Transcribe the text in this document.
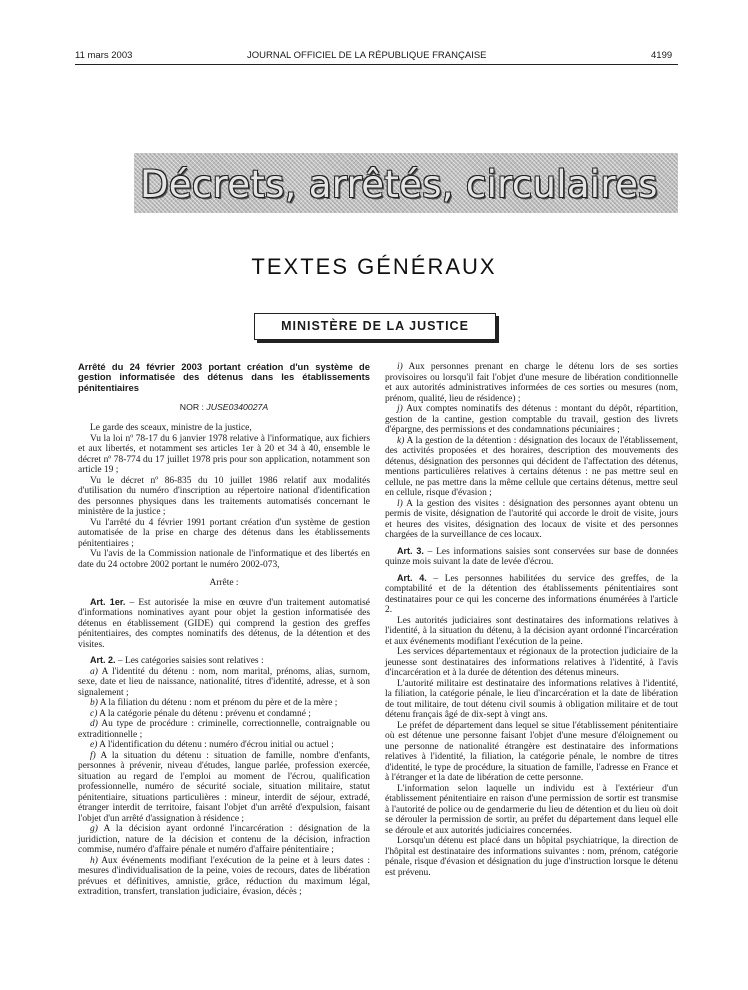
11 mars 2003	JOURNAL OFFICIEL DE LA RÉPUBLIQUE FRANÇAISE	4199
Décrets, arrêtés, circulaires
TEXTES GÉNÉRAUX
MINISTÈRE DE LA JUSTICE

Arrêté du 24 février 2003 portant création d'un système de gestion informatisée des détenus dans les établissements pénitentiaires

NOR : JUSE0340027A

Le garde des sceaux, ministre de la justice,

Vu la loi nº 78-17 du 6 janvier 1978 relative à l'informatique, aux fichiers et aux libertés, et notamment ses articles 1er à 20 et 34 à 40, ensemble le décret nº 78-774 du 17 juillet 1978 pris pour son application, notamment son article 19 ;

Vu le décret nº 86-835 du 10 juillet 1986 relatif aux modalités d'utilisation du numéro d'inscription au répertoire national d'identification des personnes physiques dans les traitements automatisés concernant le ministère de la justice ;

Vu l'arrêté du 4 février 1991 portant création d'un système de gestion automatisée de la prise en charge des détenus dans les établissements pénitentiaires ;

Vu l'avis de la Commission nationale de l'informatique et des libertés en date du 24 octobre 2002 portant le numéro 2002-073,

Arrête :

Art. 1er. – Est autorisée la mise en œuvre d'un traitement automatisé d'informations nominatives ayant pour objet la gestion informatisée des détenus en établissement (GIDE) qui comprend la gestion des greffes pénitentiaires, des comptes nominatifs des détenus, de la détention et des visites.

Art. 2. – Les catégories saisies sont relatives :

a) A l'identité du détenu : nom, nom marital, prénoms, alias, surnom, sexe, date et lieu de naissance, nationalité, titres d'identité, adresse, et à son signalement ;

b) A la filiation du détenu : nom et prénom du père et de la mère ;

c) A la catégorie pénale du détenu : prévenu et condamné ;

d) Au type de procédure : criminelle, correctionnelle, contraignable ou extraditionnelle ;

e) A l'identification du détenu : numéro d'écrou initial ou actuel ;

f) A la situation du détenu : situation de famille, nombre d'enfants, personnes à prévenir, niveau d'études, langue parlée, profession exercée, situation au regard de l'emploi au moment de l'écrou, qualification professionnelle, numéro de sécurité sociale, situation militaire, statut pénitentiaire, situations particulières : mineur, interdit de séjour, extradé, étranger interdit de territoire, faisant l'objet d'un arrêté d'expulsion, faisant l'objet d'un arrêté d'assignation à résidence ;

g) A la décision ayant ordonné l'incarcération : désignation de la juridiction, nature de la décision et contenu de la décision, infraction commise, numéro d'affaire pénale et numéro d'affaire pénitentiaire ;

h) Aux événements modifiant l'exécution de la peine et à leurs dates : mesures d'individualisation de la peine, voies de recours, dates de libération prévues et définitives, amnistie, grâce, réduction du maximum légal, extradition, transfert, translation judiciaire, évasion, décès ;

i) Aux personnes prenant en charge le détenu lors de ses sorties provisoires ou lorsqu'il fait l'objet d'une mesure de libération conditionnelle et aux autorités administratives informées de ces sorties ou mesures (nom, prénom, qualité, lieu de résidence) ;

j) Aux comptes nominatifs des détenus : montant du dépôt, répartition, gestion de la cantine, gestion comptable du travail, gestion des livrets d'épargne, des permissions et des condamnations pécuniaires ;

k) A la gestion de la détention : désignation des locaux de l'établissement, des activités proposées et des horaires, description des mouvements des détenus, désignation des personnes qui décident de l'affectation des détenus, mentions particulières relatives à certains détenus : ne pas mettre seul en cellule, ne pas mettre dans la même cellule que certains détenus, mettre seul en cellule, risque d'évasion ;

l) A la gestion des visites : désignation des personnes ayant obtenu un permis de visite, désignation de l'autorité qui accorde le droit de visite, jours et heures des visites, désignation des locaux de visite et des personnes chargées de la surveillance de ces locaux.

Art. 3. – Les informations saisies sont conservées sur base de données quinze mois suivant la date de levée d'écrou.

Art. 4. – Les personnes habilitées du service des greffes, de la comptabilité et de la détention des établissements pénitentiaires sont destinataires pour ce qui les concerne des informations énumérées à l'article 2.

Les autorités judiciaires sont destinataires des informations relatives à l'identité, à la situation du détenu, à la décision ayant ordonné l'incarcération et aux événements modifiant l'exécution de la peine.

Les services départementaux et régionaux de la protection judiciaire de la jeunesse sont destinataires des informations relatives à l'identité, à l'avis d'incarcération et à la durée de détention des détenus mineurs.

L'autorité militaire est destinataire des informations relatives à l'identité, la filiation, la catégorie pénale, le lieu d'incarcération et la date de libération de tout militaire, de tout détenu civil soumis à obligation militaire et de tout détenu français âgé de dix-sept à vingt ans.

Le préfet de département dans lequel se situe l'établissement pénitentiaire où est détenue une personne faisant l'objet d'une mesure d'éloignement ou une personne de nationalité étrangère est destinataire des informations relatives à l'identité, la filiation, la catégorie pénale, le nombre de titres d'identité, le type de procédure, la situation de famille, l'adresse en France et à l'étranger et la date de libération de cette personne.

L'information selon laquelle un individu est à l'extérieur d'un établissement pénitentiaire en raison d'une permission de sortir est transmise à l'autorité de police ou de gendarmerie du lieu de détention et du lieu où doit se dérouler la permission de sortir, au préfet du département dans lequel elle se déroule et aux autorités judiciaires concernées.

Lorsqu'un détenu est placé dans un hôpital psychiatrique, la direction de l'hôpital est destinataire des informations suivantes : nom, prénom, catégorie pénale, risque d'évasion et désignation du juge d'instruction lorsque le détenu est prévenu.
